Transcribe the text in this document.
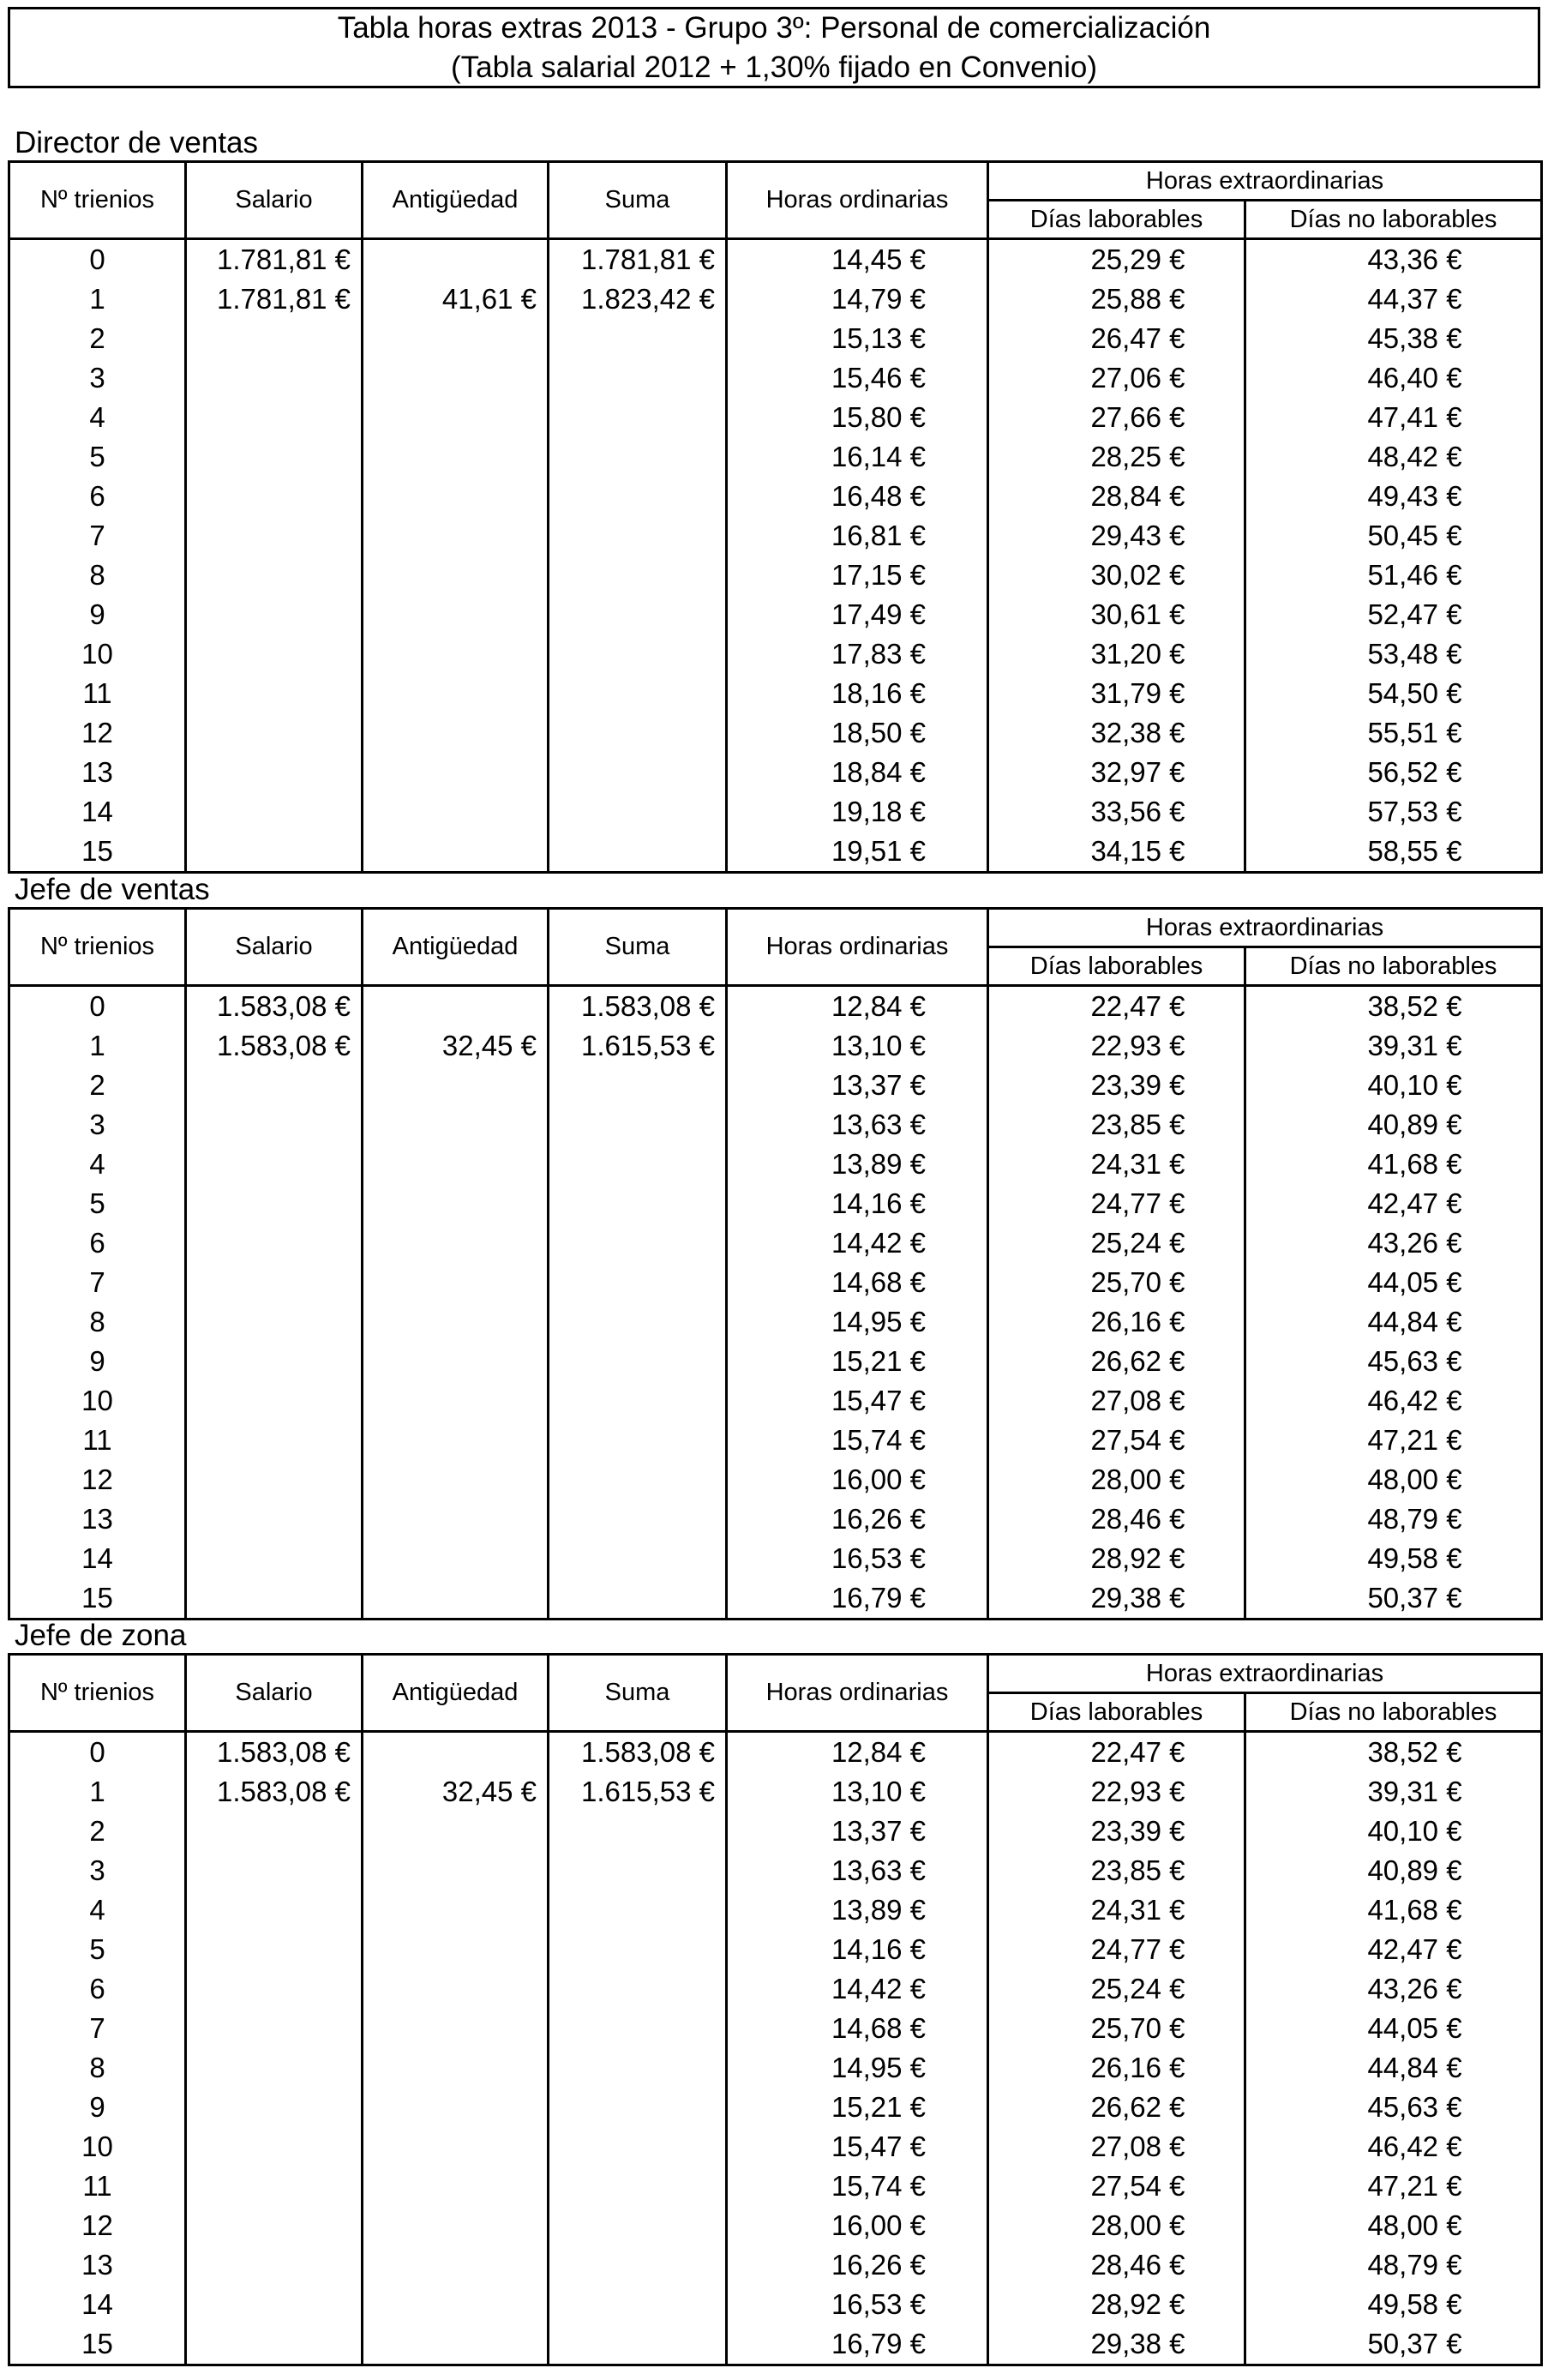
Tabla horas extras 2013 - Grupo 3º: Personal de comercialización
(Tabla salarial 2012 + 1,30% fijado en Convenio)
Director de ventas
Nº trienios	Salario	Antigüedad	Suma	Horas ordinarias	Horas extraordinarias	
					Días laborables	Días no laborables
0	1.781,81 €		1.781,81 €	14,45 €	25,29 €	43,36 €
1	1.781,81 €	41,61 €	1.823,42 €	14,79 €	25,88 €	44,37 €
2				15,13 €	26,47 €	45,38 €
3				15,46 €	27,06 €	46,40 €
4				15,80 €	27,66 €	47,41 €
5				16,14 €	28,25 €	48,42 €
6				16,48 €	28,84 €	49,43 €
7				16,81 €	29,43 €	50,45 €
8				17,15 €	30,02 €	51,46 €
9				17,49 €	30,61 €	52,47 €
10				17,83 €	31,20 €	53,48 €
11				18,16 €	31,79 €	54,50 €
12				18,50 €	32,38 €	55,51 €
13				18,84 €	32,97 €	56,52 €
14				19,18 €	33,56 €	57,53 €
15				19,51 €	34,15 €	58,55 €
Jefe de ventas
Nº trienios	Salario	Antigüedad	Suma	Horas ordinarias	Horas extraordinarias	
					Días laborables	Días no laborables
0	1.583,08 €		1.583,08 €	12,84 €	22,47 €	38,52 €
1	1.583,08 €	32,45 €	1.615,53 €	13,10 €	22,93 €	39,31 €
2				13,37 €	23,39 €	40,10 €
3				13,63 €	23,85 €	40,89 €
4				13,89 €	24,31 €	41,68 €
5				14,16 €	24,77 €	42,47 €
6				14,42 €	25,24 €	43,26 €
7				14,68 €	25,70 €	44,05 €
8				14,95 €	26,16 €	44,84 €
9				15,21 €	26,62 €	45,63 €
10				15,47 €	27,08 €	46,42 €
11				15,74 €	27,54 €	47,21 €
12				16,00 €	28,00 €	48,00 €
13				16,26 €	28,46 €	48,79 €
14				16,53 €	28,92 €	49,58 €
15				16,79 €	29,38 €	50,37 €
Jefe de zona
Nº trienios	Salario	Antigüedad	Suma	Horas ordinarias	Horas extraordinarias	
					Días laborables	Días no laborables
0	1.583,08 €		1.583,08 €	12,84 €	22,47 €	38,52 €
1	1.583,08 €	32,45 €	1.615,53 €	13,10 €	22,93 €	39,31 €
2				13,37 €	23,39 €	40,10 €
3				13,63 €	23,85 €	40,89 €
4				13,89 €	24,31 €	41,68 €
5				14,16 €	24,77 €	42,47 €
6				14,42 €	25,24 €	43,26 €
7				14,68 €	25,70 €	44,05 €
8				14,95 €	26,16 €	44,84 €
9				15,21 €	26,62 €	45,63 €
10				15,47 €	27,08 €	46,42 €
11				15,74 €	27,54 €	47,21 €
12				16,00 €	28,00 €	48,00 €
13				16,26 €	28,46 €	48,79 €
14				16,53 €	28,92 €	49,58 €
15				16,79 €	29,38 €	50,37 €
